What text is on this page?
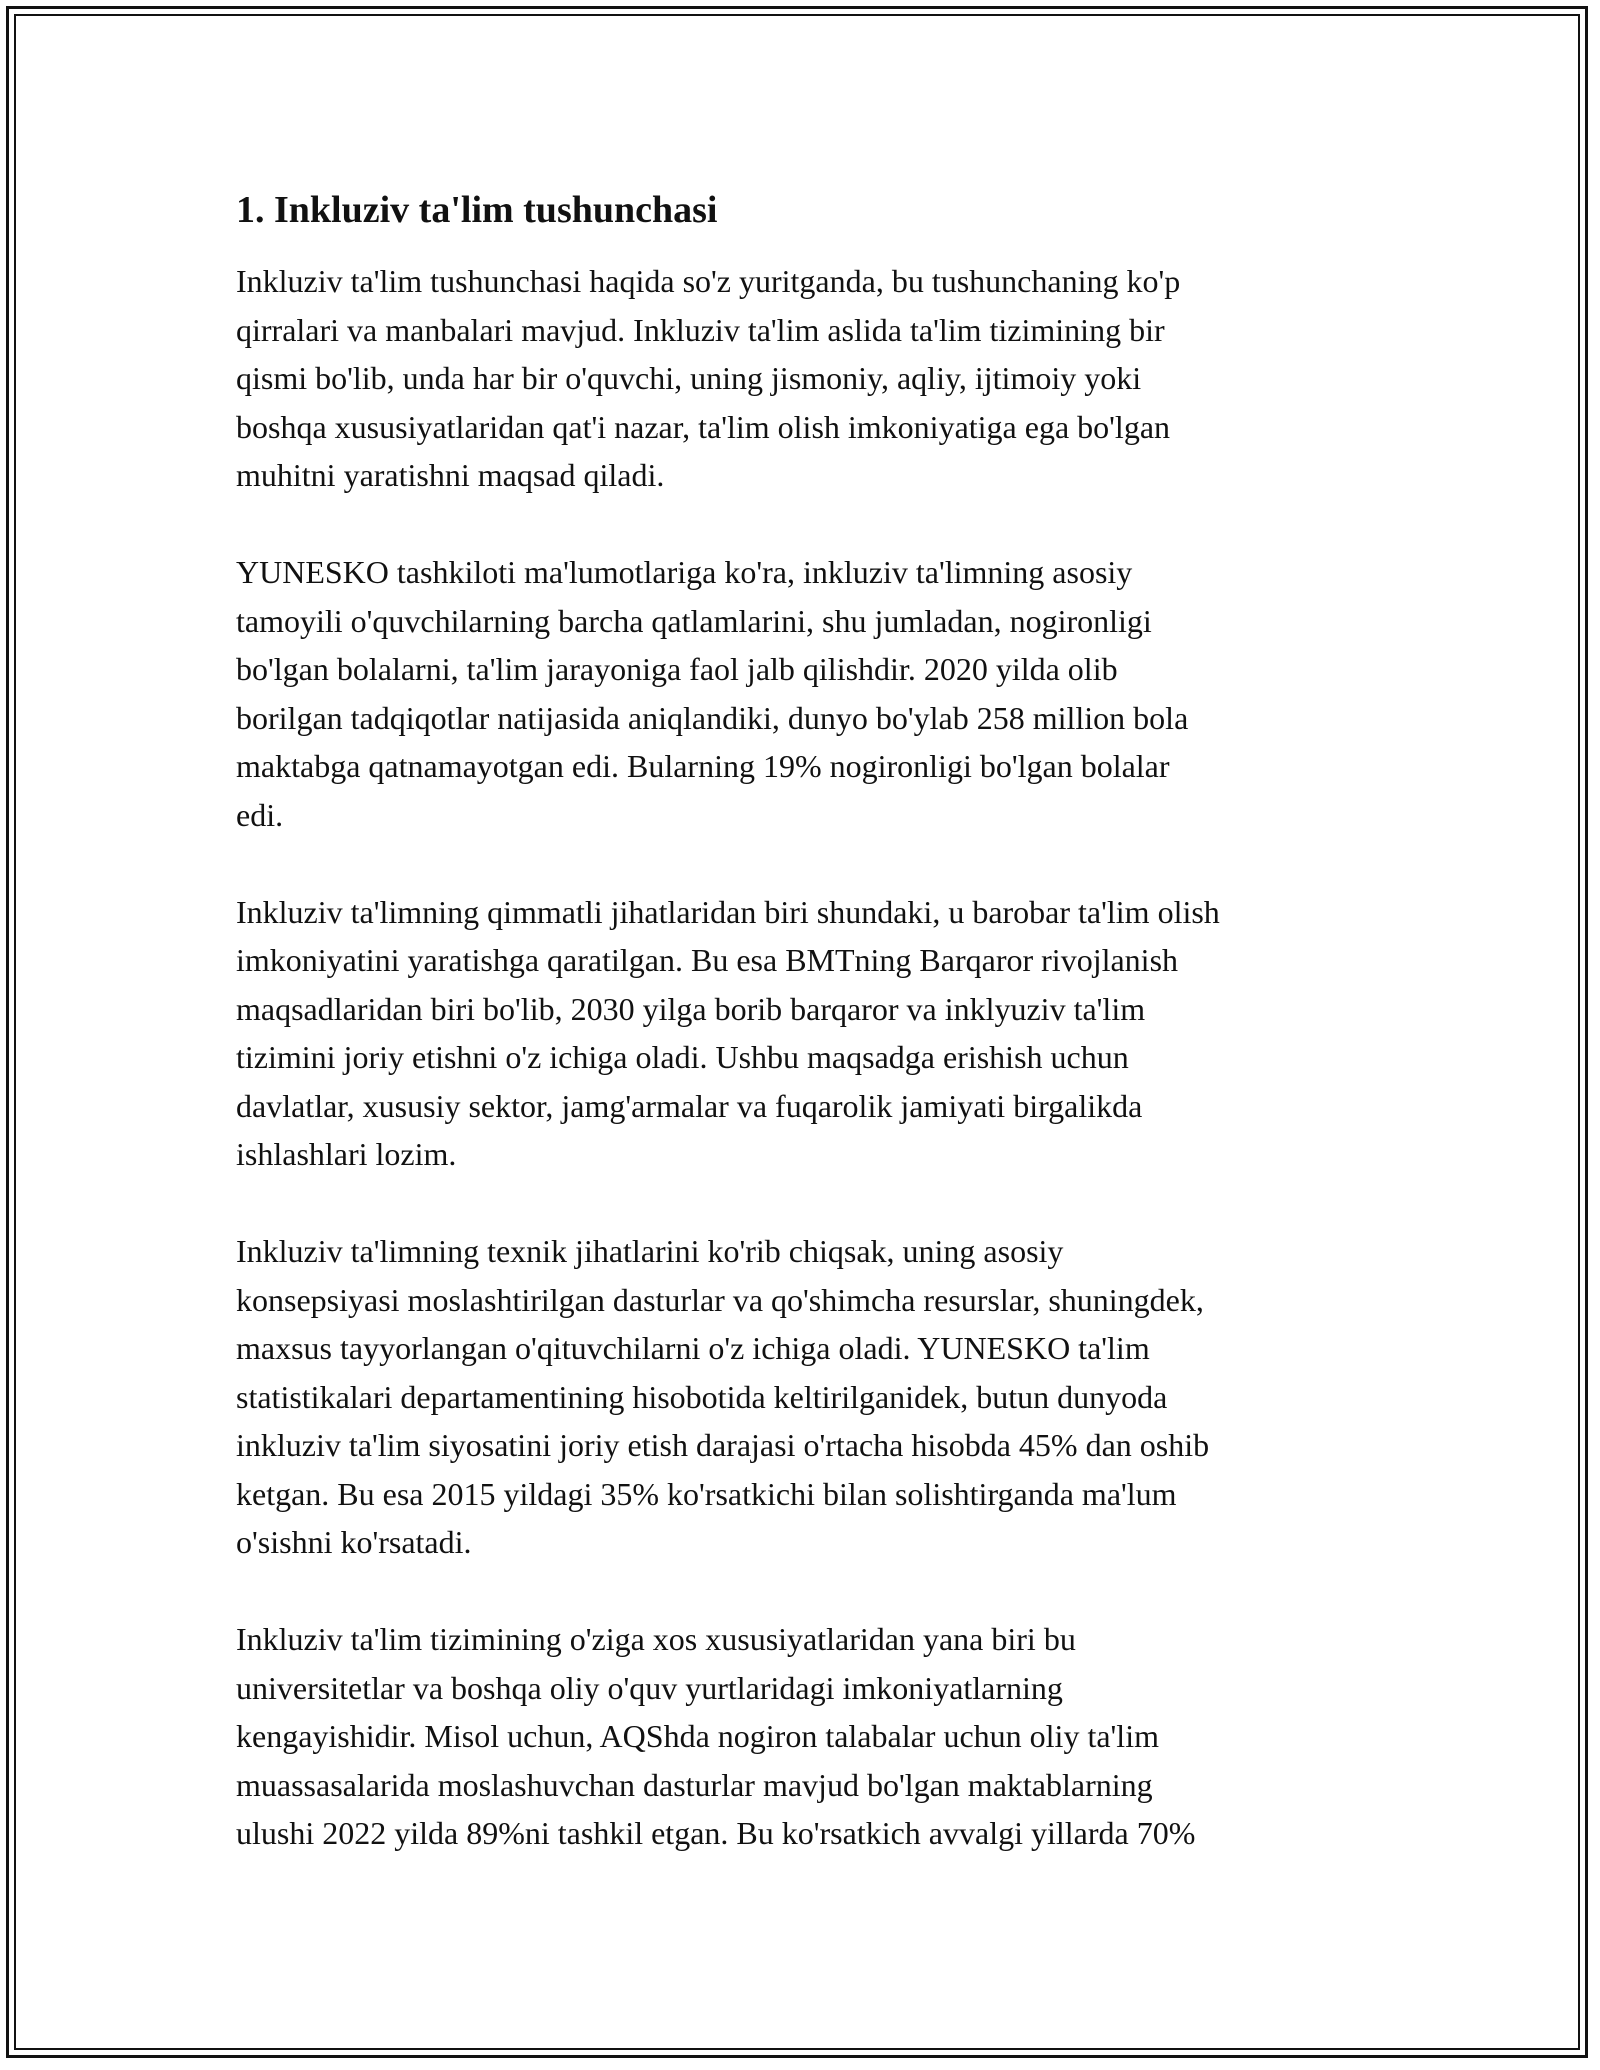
1. Inkluziv ta'lim tushunchasi
Inkluziv ta'lim tushunchasi haqida so'z yuritganda, bu tushunchaning ko'p
qirralari va manbalari mavjud. Inkluziv ta'lim aslida ta'lim tizimining bir
qismi bo'lib, unda har bir o'quvchi, uning jismoniy, aqliy, ijtimoiy yoki
boshqa xususiyatlaridan qat'i nazar, ta'lim olish imkoniyatiga ega bo'lgan
muhitni yaratishni maqsad qiladi.
YUNESKO tashkiloti ma'lumotlariga ko'ra, inkluziv ta'limning asosiy
tamoyili o'quvchilarning barcha qatlamlarini, shu jumladan, nogironligi
bo'lgan bolalarni, ta'lim jarayoniga faol jalb qilishdir. 2020 yilda olib
borilgan tadqiqotlar natijasida aniqlandiki, dunyo bo'ylab 258 million bola
maktabga qatnamayotgan edi. Bularning 19% nogironligi bo'lgan bolalar
edi.
Inkluziv ta'limning qimmatli jihatlaridan biri shundaki, u barobar ta'lim olish
imkoniyatini yaratishga qaratilgan. Bu esa BMTning Barqaror rivojlanish
maqsadlaridan biri bo'lib, 2030 yilga borib barqaror va inklyuziv ta'lim
tizimini joriy etishni o'z ichiga oladi. Ushbu maqsadga erishish uchun
davlatlar, xususiy sektor, jamg'armalar va fuqarolik jamiyati birgalikda
ishlashlari lozim.
Inkluziv ta'limning texnik jihatlarini ko'rib chiqsak, uning asosiy
konsepsiyasi moslashtirilgan dasturlar va qo'shimcha resurslar, shuningdek,
maxsus tayyorlangan o'qituvchilarni o'z ichiga oladi. YUNESKO ta'lim
statistikalari departamentining hisobotida keltirilganidek, butun dunyoda
inkluziv ta'lim siyosatini joriy etish darajasi o'rtacha hisobda 45% dan oshib
ketgan. Bu esa 2015 yildagi 35% ko'rsatkichi bilan solishtirganda ma'lum
o'sishni ko'rsatadi.
Inkluziv ta'lim tizimining o'ziga xos xususiyatlaridan yana biri bu
universitetlar va boshqa oliy o'quv yurtlaridagi imkoniyatlarning
kengayishidir. Misol uchun, AQShda nogiron talabalar uchun oliy ta'lim
muassasalarida moslashuvchan dasturlar mavjud bo'lgan maktablarning
ulushi 2022 yilda 89%ni tashkil etgan. Bu ko'rsatkich avvalgi yillarda 70%
